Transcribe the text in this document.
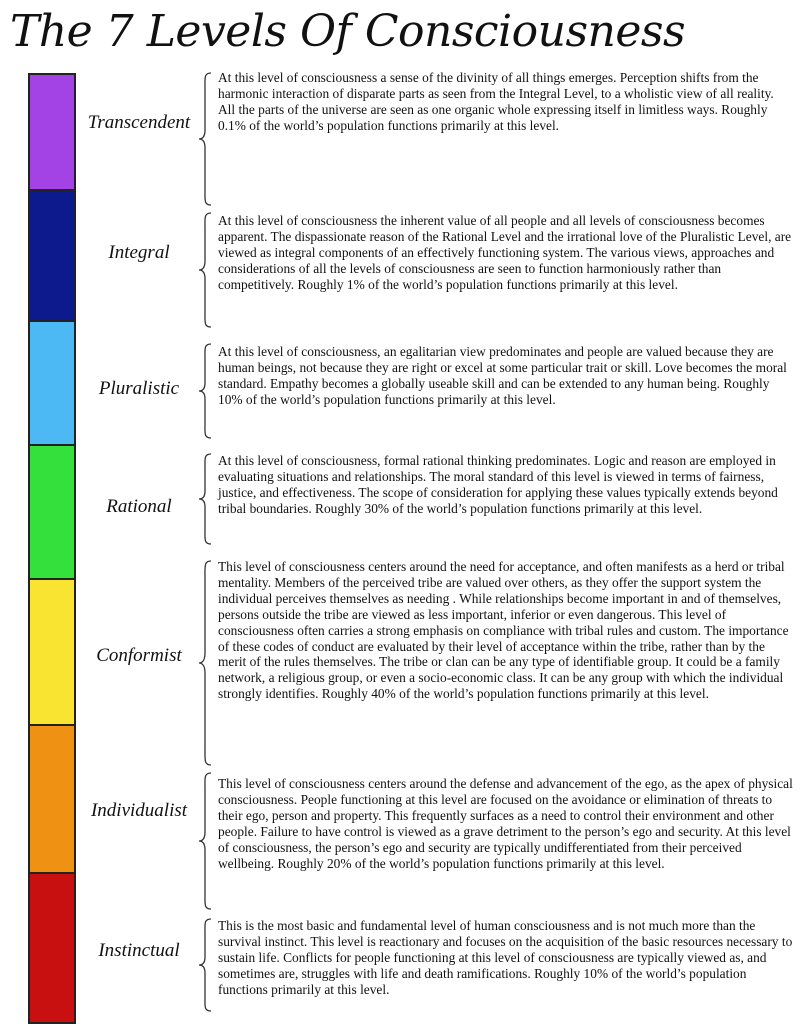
The 7 Levels Of Consciousness
Transcendent
At this level of consciousness a sense of the divinity of all things emerges. Perception shifts from the harmonic interaction of disparate parts as seen from the Integral Level, to a wholistic view of all reality. All the parts of the universe are seen as one organic whole expressing itself in limitless ways. Roughly 0.1% of the world’s population functions primarily at this level.
Integral
At this level of consciousness the inherent value of all people and all levels of consciousness becomes apparent. The dispassionate reason of the Rational Level and the irrational love of the Pluralistic Level, are viewed as integral components of an effectively functioning system. The various views, approaches and considerations of all the levels of consciousness are seen to function harmoniously rather than competitively. Roughly 1% of the world’s population functions primarily at this level.
Pluralistic
At this level of consciousness, an egalitarian view predominates and people are valued because they are human beings, not because they are right or excel at some particular trait or skill. Love becomes the moral standard. Empathy becomes a globally useable skill and can be extended to any human being. Roughly 10% of the world’s population functions primarily at this level.
Rational
At this level of consciousness, formal rational thinking predominates. Logic and reason are employed in evaluating situations and relationships. The moral standard of this level is viewed in terms of fairness, justice, and effectiveness. The scope of consideration for applying these values typically extends beyond tribal boundaries. Roughly 30% of the world’s population functions primarily at this level.
Conformist
This level of consciousness centers around the need for acceptance, and often manifests as a herd or tribal mentality. Members of the perceived tribe are valued over others, as they offer the support system the individual perceives themselves as needing . While relationships become important in and of themselves, persons outside the tribe are viewed as less important, inferior or even dangerous. This level of consciousness often carries a strong emphasis on compliance with tribal rules and custom. The importance of these codes of conduct are evaluated by their level of acceptance within the tribe, rather than by the merit of the rules themselves. The tribe or clan can be any type of identifiable group. It could be a family network, a religious group, or even a socio-economic class. It can be any group with which the individual strongly identifies. Roughly 40% of the world’s population functions primarily at this level.
Individualist
This level of consciousness centers around the defense and advancement of the ego, as the apex of physical consciousness. People functioning at this level are focused on the avoidance or elimination of threats to their ego, person and property. This frequently surfaces as a need to control their environment and other people. Failure to have control is viewed as a grave detriment to the person’s ego and security. At this level of consciousness, the person’s ego and security are typically undifferentiated from their perceived wellbeing. Roughly 20% of the world’s population functions primarily at this level.
Instinctual
This is the most basic and fundamental level of human consciousness and is not much more than the survival instinct. This level is reactionary and focuses on the acquisition of the basic resources necessary to sustain life. Conflicts for people functioning at this level of consciousness are typically viewed as, and sometimes are, struggles with life and death ramifications. Roughly 10% of the world’s population functions primarily at this level.
